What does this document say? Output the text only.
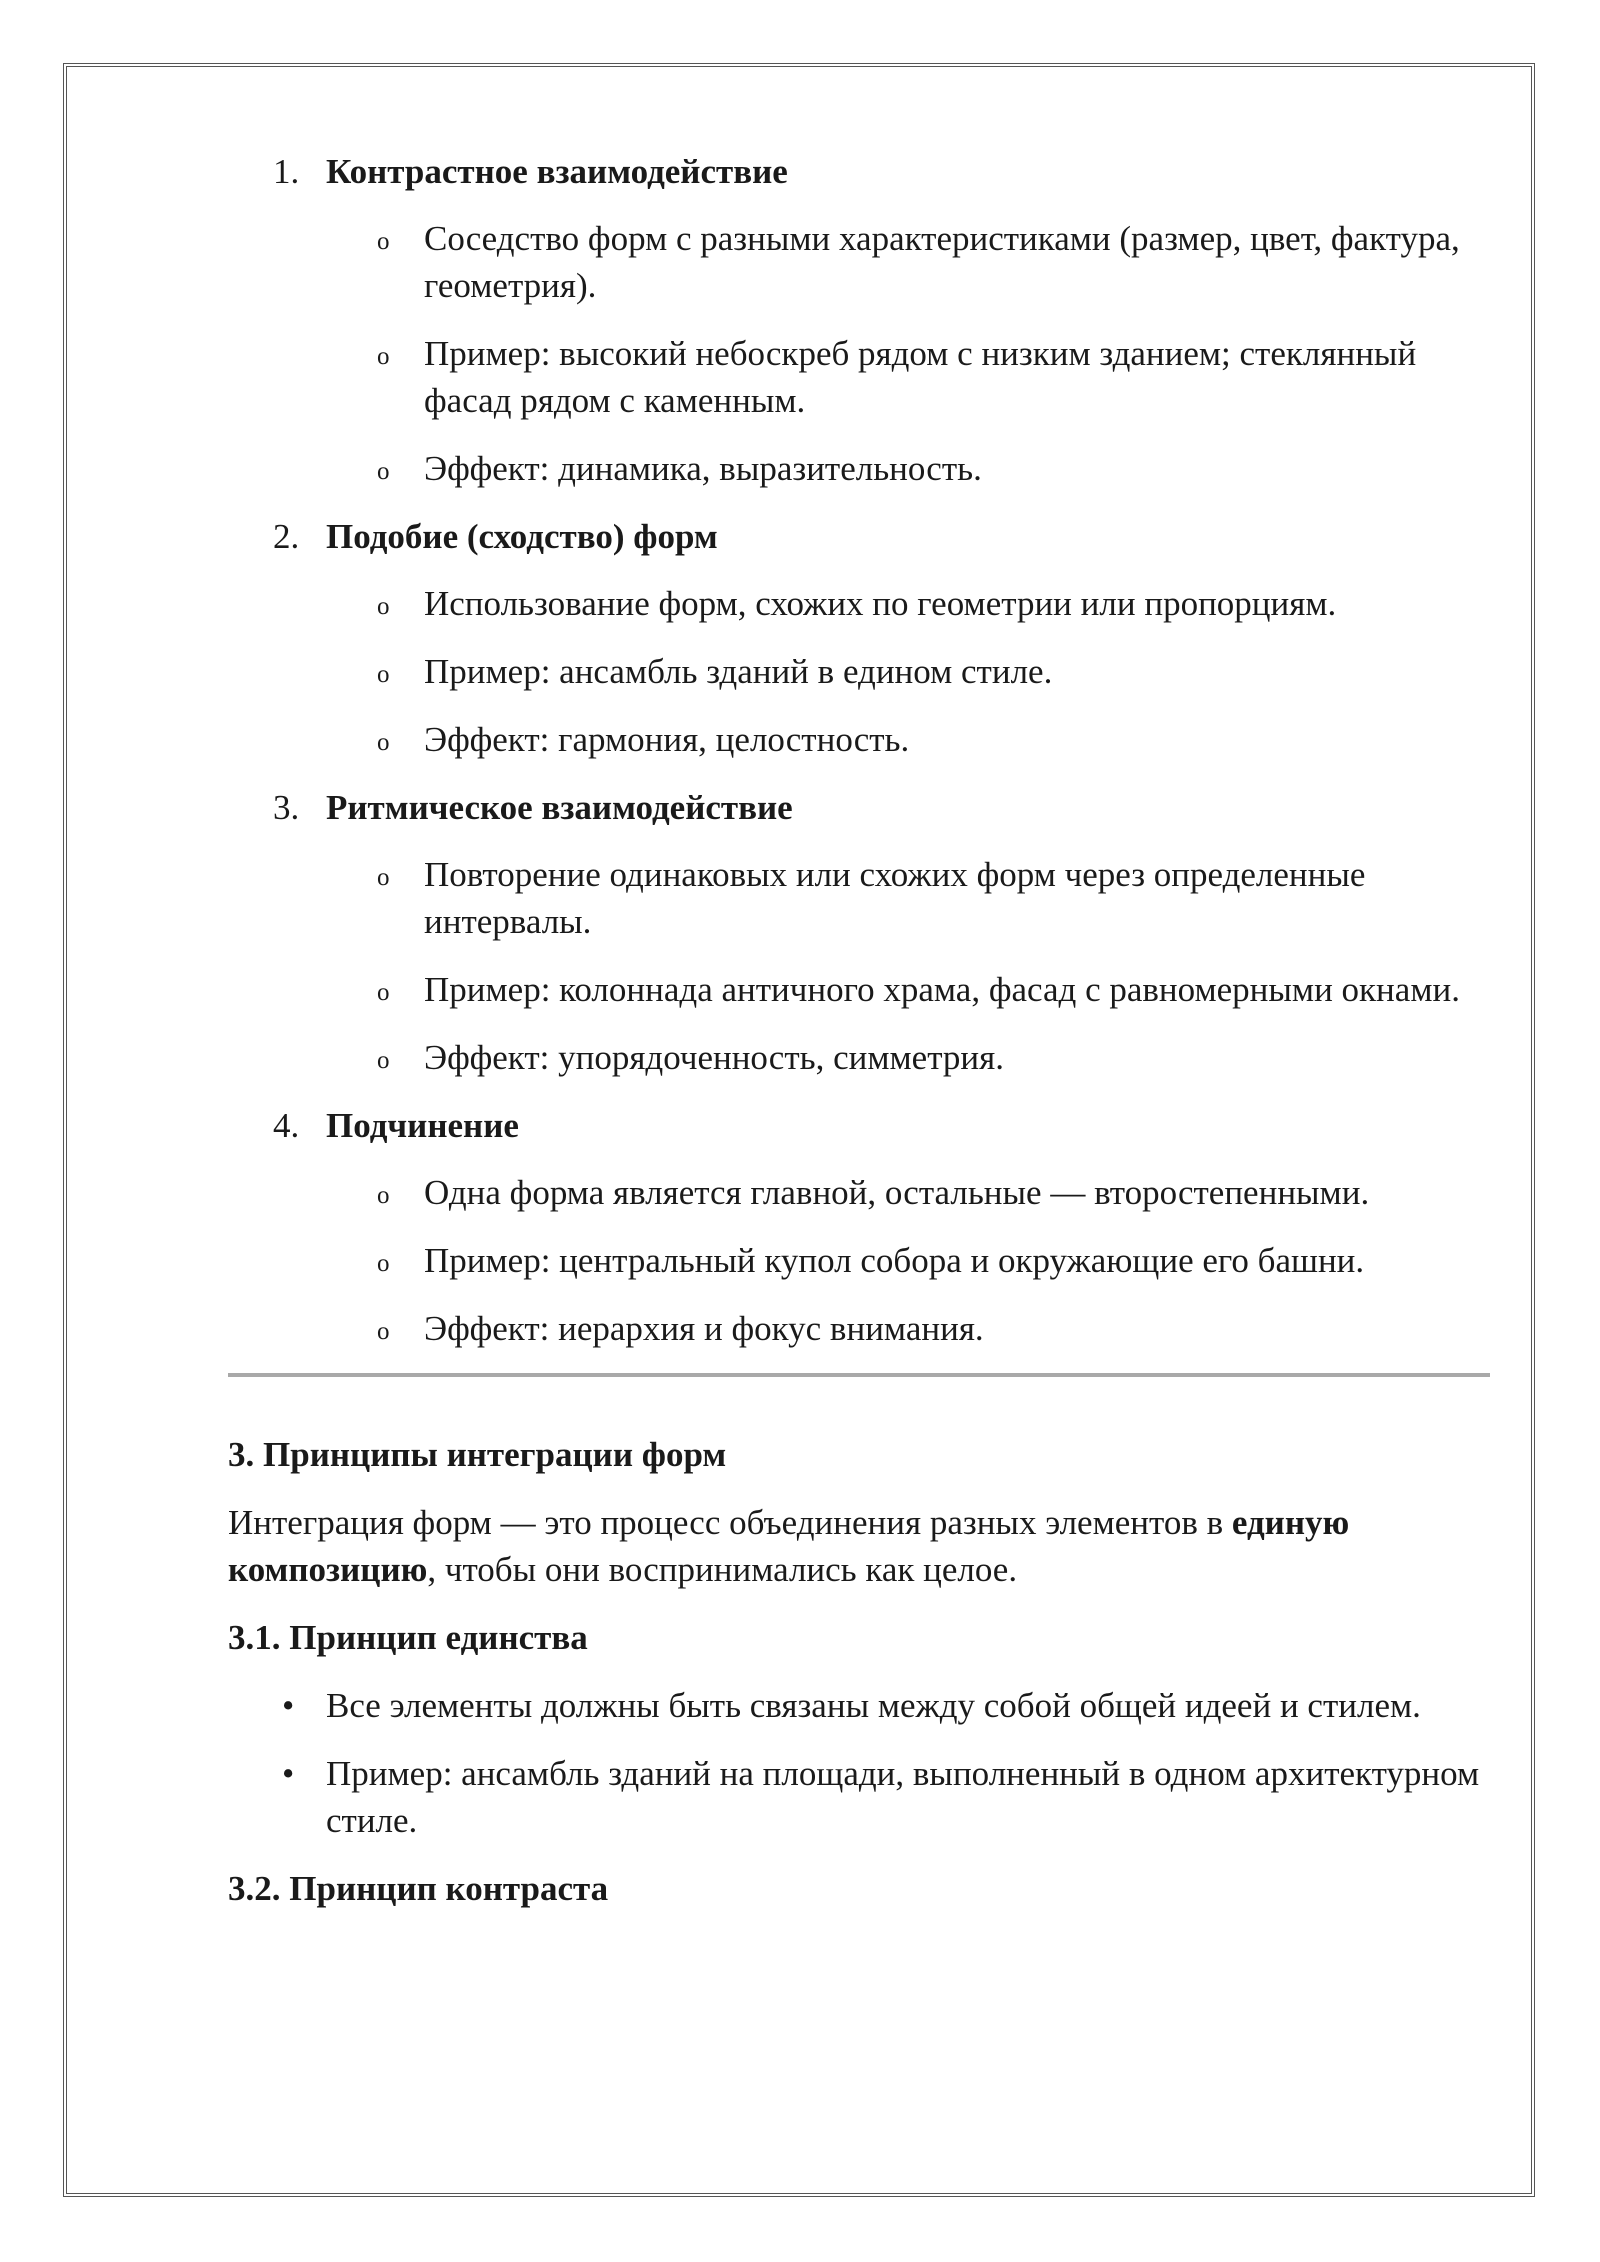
1. Контрастное взаимодействие
o Соседство форм с разными характеристиками (размер, цвет, фактура, геометрия).
o Пример: высокий небоскреб рядом с низким зданием; стеклянный фасад рядом с каменным.
o Эффект: динамика, выразительность.
2. Подобие (сходство) форм
o Использование форм, схожих по геометрии или пропорциям.
o Пример: ансамбль зданий в едином стиле.
o Эффект: гармония, целостность.
3. Ритмическое взаимодействие
o Повторение одинаковых или схожих форм через определенные интервалы.
o Пример: колоннада античного храма, фасад с равномерными окнами.
o Эффект: упорядоченность, симметрия.
4. Подчинение
o Одна форма является главной, остальные — второстепенными.
o Пример: центральный купол собора и окружающие его башни.
o Эффект: иерархия и фокус внимания.
3. Принципы интеграции форм
Интеграция форм — это процесс объединения разных элементов в единую композицию, чтобы они воспринимались как целое.
3.1. Принцип единства
• Все элементы должны быть связаны между собой общей идеей и стилем.
• Пример: ансамбль зданий на площади, выполненный в одном архитектурном стиле.
3.2. Принцип контраста
